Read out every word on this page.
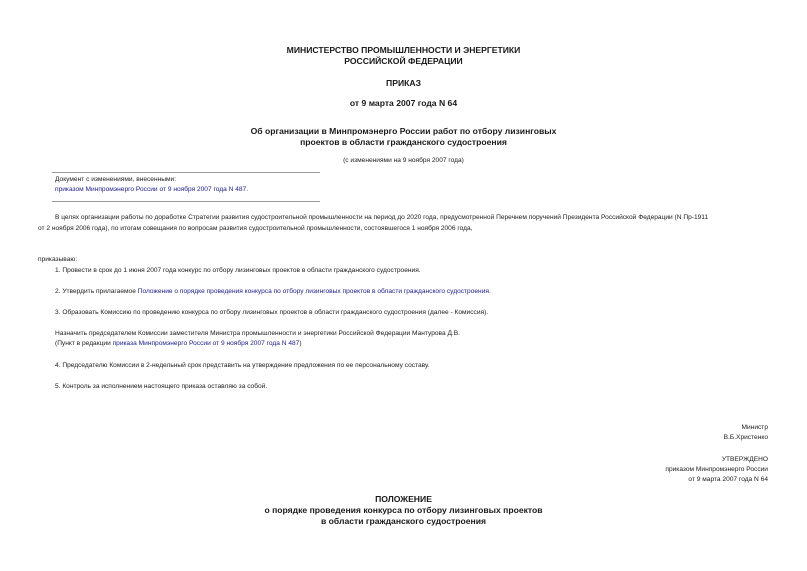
МИНИСТЕРСТВО ПРОМЫШЛЕННОСТИ И ЭНЕРГЕТИКИ
РОССИЙСКОЙ ФЕДЕРАЦИИ
ПРИКАЗ
от 9 марта 2007 года N 64
Об организации в Минпромэнерго России работ по отбору лизинговых
проектов в области гражданского судостроения
(с изменениями на 9 ноября 2007 года)
Документ с изменениями, внесенными:
приказом Минпромэнерго России от 9 ноября 2007 года N 487.
В целях организации работы по доработке Стратегии развития судостроительной промышленности на период до 2020 года, предусмотренной Перечнем поручений Президента Российской Федерации (N Пр-1911
от 2 ноября 2006 года), по итогам совещания по вопросам развития судостроительной промышленности, состоявшегося 1 ноября 2006 года,
приказываю:
1. Провести в срок до 1 июня 2007 года конкурс по отбору лизинговых проектов в области гражданского судостроения.
2. Утвердить прилагаемое Положение о порядке проведения конкурса по отбору лизинговых проектов в области гражданского судостроения.
3. Образовать Комиссию по проведению конкурса по отбору лизинговых проектов в области гражданского судостроения (далее - Комиссия).
Назначить председателем Комиссии заместителя Министра промышленности и энергетики Российской Федерации Мантурова Д.В.
(Пункт в редакции приказа Минпромэнерго России от 9 ноября 2007 года N 487)
4. Председателю Комиссии в 2-недельный срок представить на утверждение предложения по ее персональному составу.
5. Контроль за исполнением настоящего приказа оставляю за собой.
Министр
В.Б.Христенко
УТВЕРЖДЕНО
приказом Минпромэнерго России
от 9 марта 2007 года N 64
ПОЛОЖЕНИЕ
о порядке проведения конкурса по отбору лизинговых проектов
в области гражданского судостроения
